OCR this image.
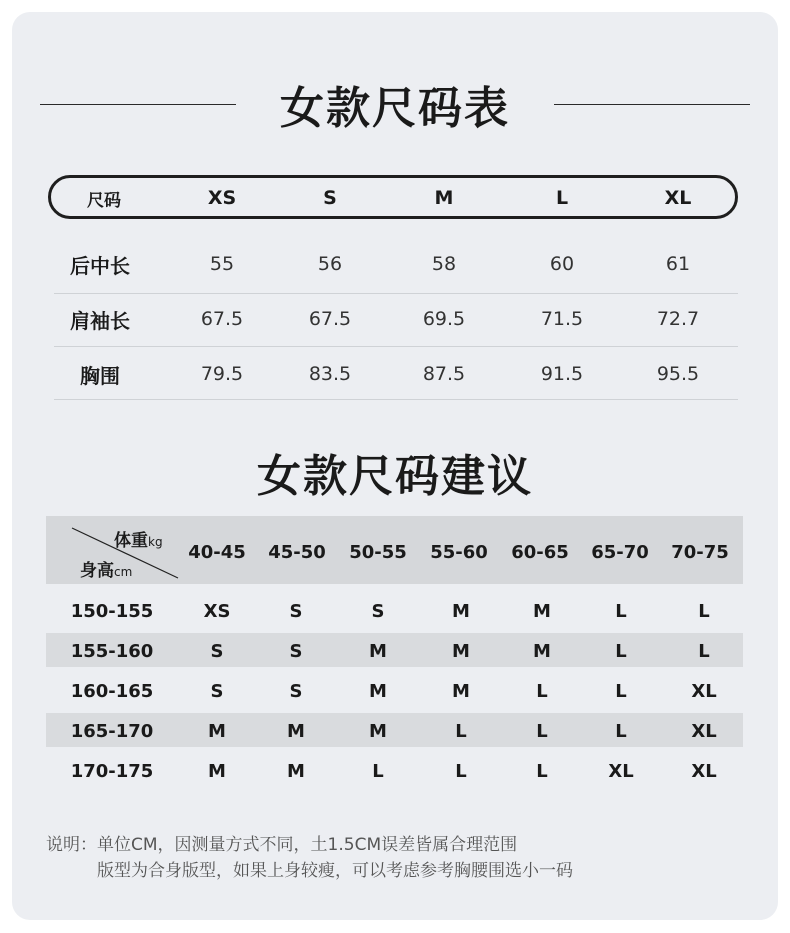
女款尺码表
尺码	XS	S	M	L	XL
后中长	55	56	58	60	61
肩袖长	67.5	67.5	69.5	71.5	72.7
胸围	79.5	83.5	87.5	91.5	95.5
女款尺码建议
体重kg
身高cm
40-45	45-50	50-55	55-60	60-65	65-70	70-75
150-155	XS	S	S	M	M	L	L
155-160	S	S	M	M	M	L	L
160-165	S	S	M	M	L	L	XL
165-170	M	M	M	L	L	L	XL
170-175	M	M	L	L	L	XL	XL
说明：单位CM，因测量方式不同，土1.5CM误差皆属合理范围
版型为合身版型，如果上身较瘦，可以考虑参考胸腰围选小一码
